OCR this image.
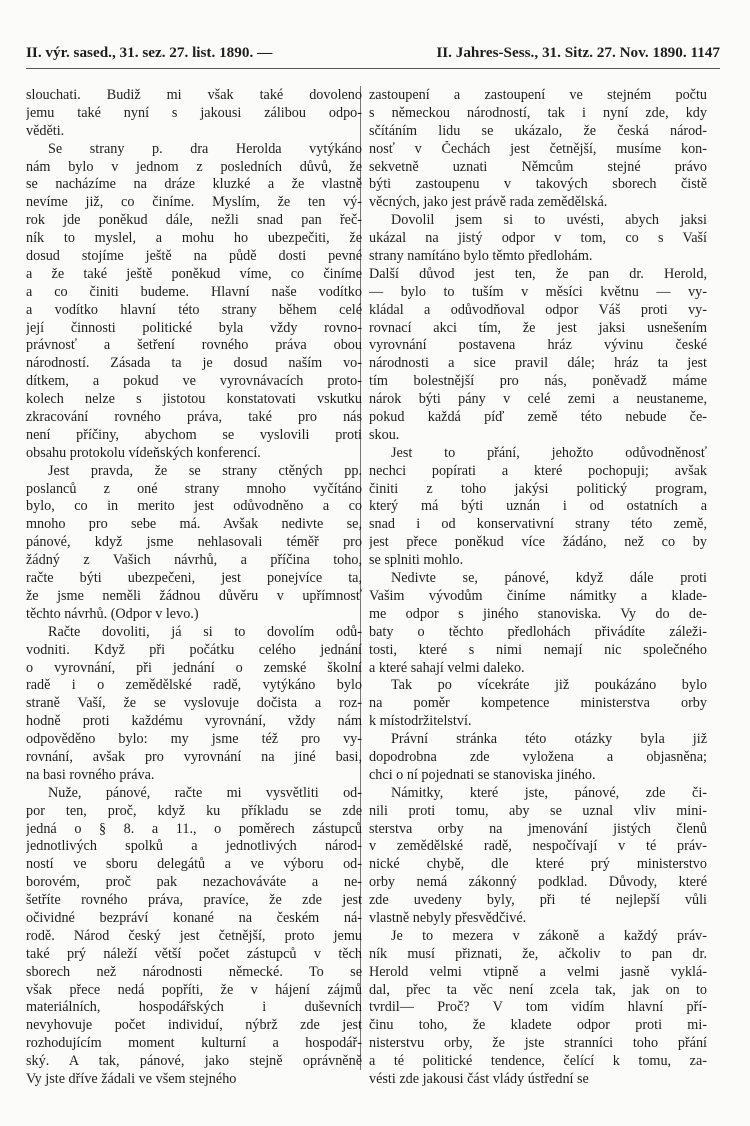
II. výr. sased., 31. sez. 27. list. 1890. —	II. Jahres-Sess., 31. Sitz. 27. Nov. 1890. 1147
slouchati. Budiž mi však také dovoleno
jemu také nyní s jakousi zálibou odpo-
věděti.
Se strany p. dra Herolda vytýkáno
nám bylo v jednom z posledních důvů, že
se nacházíme na dráze kluzké a že vlastně
nevíme již, co činíme. Myslím, že ten vý-
rok jde poněkud dále, nežli snad pan řeč-
ník to myslel, a mohu ho ubezpečiti, že
dosud stojíme ještě na půdě dosti pevné
a že také ještě poněkud víme, co činíme
a co činiti budeme. Hlavní naše vodítko
a vodítko hlavní této strany během celé
její činnosti politické byla vždy rovno-
právnosť a šetření rovného práva obou
národností. Zásada ta je dosud naším vo-
dítkem, a pokud ve vyrovnávacích proto-
kolech nelze s jistotou konstatovati vskutku
zkracování rovného práva, také pro nás
není příčiny, abychom se vyslovili proti
obsahu protokolu vídeňských konferencí.
Jest pravda, že se strany ctěných pp.
poslanců z oné strany mnoho vyčítáno
bylo, co in merito jest odůvodněno a co
mnoho pro sebe má. Avšak nedivte se,
pánové, když jsme nehlasovali téměř pro
žádný z Vašich návrhů, a příčina toho,
račte býti ubezpečeni, jest ponejvíce ta,
že jsme neměli žádnou důvěru v upřímnosť
těchto návrhů. (Odpor v levo.)
Račte dovoliti, já si to dovolím odů-
vodniti. Když při počátku celého jednání
o vyrovnání, při jednání o zemské školní
radě i o zemědělské radě, vytýkáno bylo
straně Vaší, že se vyslovuje dočista a roz-
hodně proti každému vyrovnání, vždy nám
odpověděno bylo: my jsme též pro vy-
rovnání, avšak pro vyrovnání na jiné basi,
na basi rovného práva.
Nuže, pánové, račte mi vysvětliti od-
por ten, proč, když ku příkladu se zde
jedná o § 8. a 11., o poměrech zástupců
jednotlivých spolků a jednotlivých národ-
ností ve sboru delegátů a ve výboru od-
borovém, proč pak nezachováváte a ne-
šetříte rovného práva, pravíce, že zde jest
očividné bezpráví konané na českém ná-
rodě. Národ český jest četnější, proto jemu
také prý náleží větší počet zástupců v těch
sborech než národnosti německé. To se
však přece nedá popříti, že v hájení zájmů
materiálních, hospodářských i duševních
nevyhovuje počet individuí, nýbrž zde jest
rozhodujícím moment kulturní a hospodář-
ský. A tak, pánové, jako stejně oprávněně
Vy jste dříve žádali ve všem stejného
zastoupení a zastoupení ve stejném počtu
s německou národností, tak i nyní zde, kdy
sčítáním lidu se ukázalo, že česká národ-
nosť v Čechách jest četnější, musíme kon-
sekvetně uznati Němcům stejné právo
býti zastoupenu v takových sborech čistě
věcných, jako jest právě rada zemědělská.
Dovolil jsem si to uvésti, abych jaksi
ukázal na jistý odpor v tom, co s Vaší
strany namítáno bylo těmto předlohám.
Další důvod jest ten, že pan dr. Herold,
— bylo to tuším v měsíci květnu — vy-
kládal a odůvodňoval odpor Váš proti vy-
rovnací akci tím, že jest jaksi usnešením
vyrovnání postavena hráz vývinu české
národnosti a sice pravil dále; hráz ta jest
tím bolestnější pro nás, poněvadž máme
nárok býti pány v celé zemi a neustaneme,
pokud každá píď země této nebude če-
skou.
Jest to přání, jehožto odůvodněnosť
nechci popírati a které pochopuji; avšak
činiti z toho jakýsi politický program,
který má býti uznán i od ostatních a
snad i od konservativní strany této země,
jest přece poněkud více žádáno, než co by
se splniti mohlo.
Nedivte se, pánové, když dále proti
Vašim vývodům činíme námitky a klade-
me odpor s jiného stanoviska. Vy do de-
baty o těchto předlohách přivádíte záleži-
tosti, které s nimi nemají nic společného
a které sahají velmi daleko.
Tak po vícekráte již poukázáno bylo
na poměr kompetence ministerstva orby
k místodržitelství.
Právní stránka této otázky byla již
dopodrobna zde vyložena a objasněna;
chci o ní pojednati se stanoviska jiného.
Námitky, které jste, pánové, zde či-
nili proti tomu, aby se uznal vliv mini-
sterstva orby na jmenování jistých členů
v zemědělské radě, nespočívají v té práv-
nické chybě, dle které prý ministerstvo
orby nemá zákonný podklad. Důvody, které
zde uvedeny byly, při té nejlepší vůli
vlastně nebyly přesvědčivé.
Je to mezera v zákoně a každý práv-
ník musí přiznati, že, ačkoliv to pan dr.
Herold velmi vtipně a velmi jasně vyklá-
dal, přec ta věc není zcela tak, jak on to
tvrdil— Proč? V tom vidím hlavní pří-
činu toho, že kladete odpor proti mi-
nisterstvu orby, že jste stranníci toho přání
a té politické tendence, čelící k tomu, za-
vésti zde jakousi část vlády ústřední se
